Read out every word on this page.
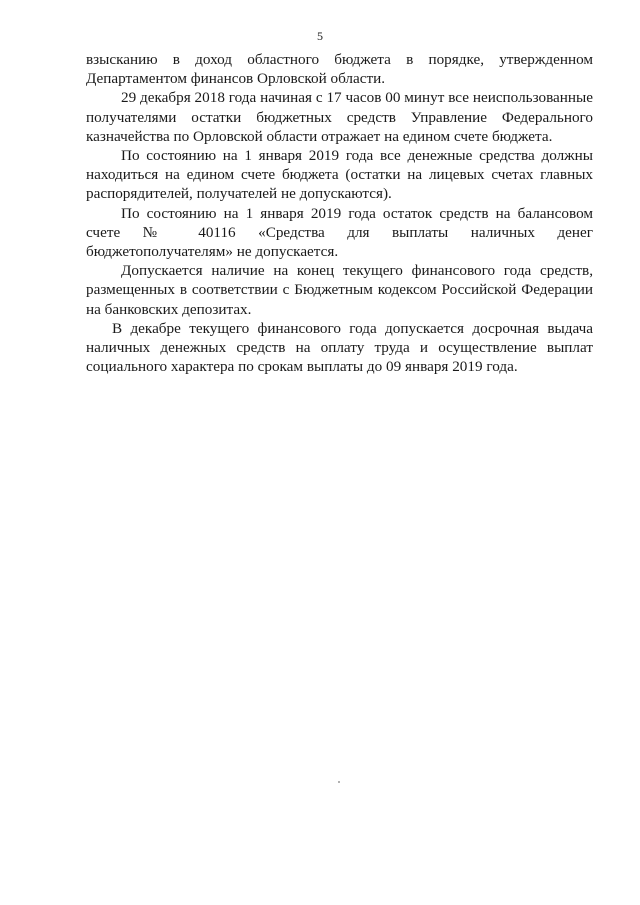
5

взысканию в доход областного бюджета в порядке, утвержденном Департаментом финансов Орловской области.

29 декабря 2018 года начиная с 17 часов 00 минут все неиспользованные получателями остатки бюджетных средств Управление Федерального казначейства по Орловской области отражает на едином счете бюджета.

По состоянию на 1 января 2019 года все денежные средства должны находиться на едином счете бюджета (остатки на лицевых счетах главных распорядителей, получателей не допускаются).

По состоянию на 1 января 2019 года остаток средств на балансовом счете № 40116 «Средства для выплаты наличных денег бюджетополучателям» не допускается.

Допускается наличие на конец текущего финансового года средств, размещенных в соответствии с Бюджетным кодексом Российской Федерации на банковских депозитах.

В декабре текущего финансового года допускается досрочная выдача наличных денежных средств на оплату труда и осуществление выплат социального характера по срокам выплаты до 09 января 2019 года.
